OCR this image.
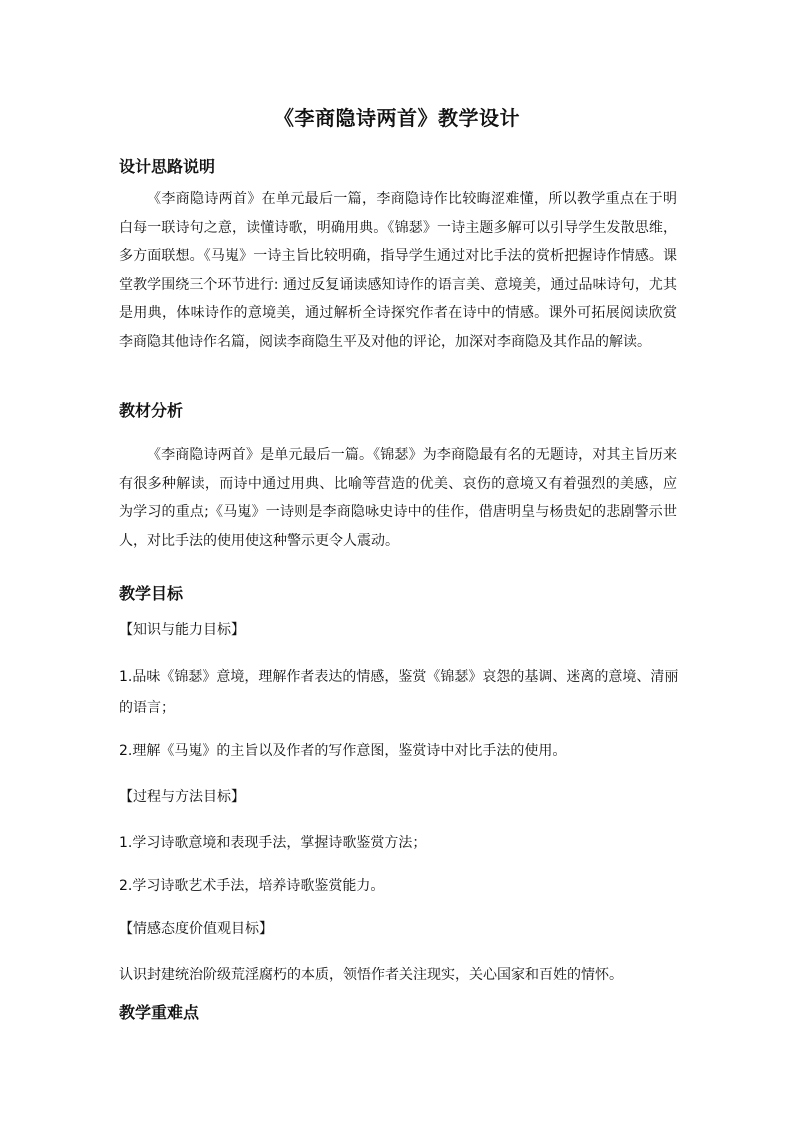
《李商隐诗两首》教学设计
设计思路说明
《李商隐诗两首》在单元最后一篇，李商隐诗作比较晦涩难懂，所以教学重点在于明白每一联诗句之意，读懂诗歌，明确用典。《锦瑟》一诗主题多解可以引导学生发散思维，多方面联想。《马嵬》一诗主旨比较明确，指导学生通过对比手法的赏析把握诗作情感。课堂教学围绕三个环节进行: 通过反复诵读感知诗作的语言美、意境美，通过品味诗句，尤其是用典，体味诗作的意境美，通过解析全诗探究作者在诗中的情感。课外可拓展阅读欣赏李商隐其他诗作名篇，阅读李商隐生平及对他的评论，加深对李商隐及其作品的解读。
教材分析
《李商隐诗两首》是单元最后一篇。《锦瑟》为李商隐最有名的无题诗，对其主旨历来有很多种解读，而诗中通过用典、比喻等营造的优美、哀伤的意境又有着强烈的美感，应为学习的重点;《马嵬》一诗则是李商隐咏史诗中的佳作，借唐明皇与杨贵妃的悲剧警示世人，对比手法的使用使这种警示更令人震动。
教学目标
【知识与能力目标】
1.品味《锦瑟》意境，理解作者表达的情感，鉴赏《锦瑟》哀怨的基调、迷离的意境、清丽
的语言；
2.理解《马嵬》的主旨以及作者的写作意图，鉴赏诗中对比手法的使用。
【过程与方法目标】
1.学习诗歌意境和表现手法，掌握诗歌鉴赏方法；
2.学习诗歌艺术手法，培养诗歌鉴赏能力。
【情感态度价值观目标】
认识封建统治阶级荒淫腐朽的本质，领悟作者关注现实，关心国家和百姓的情怀。
教学重难点
